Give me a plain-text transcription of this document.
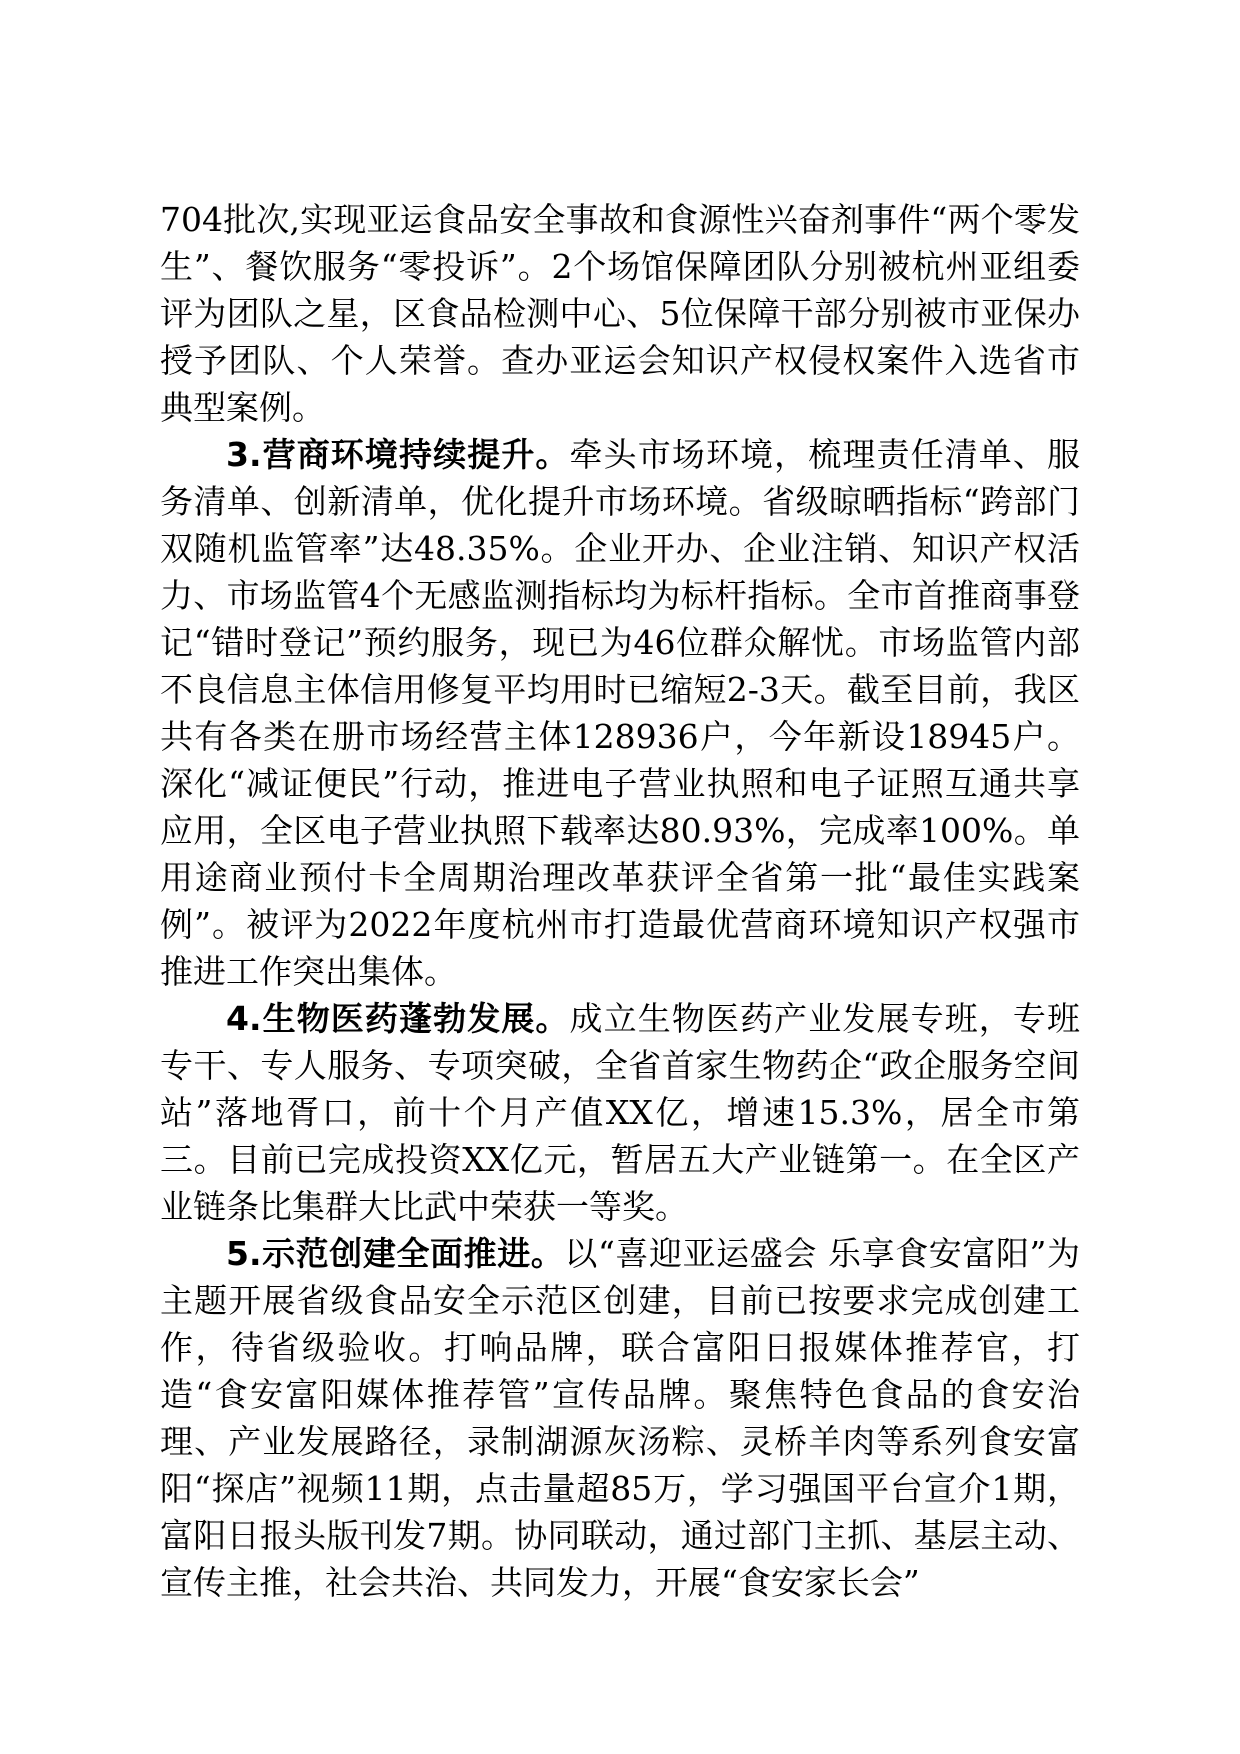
704批次,实现亚运食品安全事故和食源性兴奋剂事件“两个零发生”、餐饮服务“零投诉”。2个场馆保障团队分别被杭州亚组委评为团队之星，区食品检测中心、5位保障干部分别被市亚保办授予团队、个人荣誉。查办亚运会知识产权侵权案件入选省市典型案例。

3.营商环境持续提升。牵头市场环境，梳理责任清单、服务清单、创新清单，优化提升市场环境。省级晾晒指标“跨部门双随机监管率”达48.35%。企业开办、企业注销、知识产权活力、市场监管4个无感监测指标均为标杆指标。全市首推商事登记“错时登记”预约服务，现已为46位群众解忧。市场监管内部不良信息主体信用修复平均用时已缩短2-3天。截至目前，我区共有各类在册市场经营主体128936户，今年新设18945户。深化“减证便民”行动，推进电子营业执照和电子证照互通共享应用，全区电子营业执照下载率达80.93%，完成率100%。单用途商业预付卡全周期治理改革获评全省第一批“最佳实践案例”。被评为2022年度杭州市打造最优营商环境知识产权强市推进工作突出集体。

4.生物医药蓬勃发展。成立生物医药产业发展专班，专班专干、专人服务、专项突破，全省首家生物药企“政企服务空间站”落地胥口，前十个月产值XX亿，增速15.3%，居全市第三。目前已完成投资XX亿元，暂居五大产业链第一。在全区产业链条比集群大比武中荣获一等奖。

5.示范创建全面推进。以“喜迎亚运盛会 乐享食安富阳”为主题开展省级食品安全示范区创建，目前已按要求完成创建工作，待省级验收。打响品牌，联合富阳日报媒体推荐官，打造“食安富阳媒体推荐管”宣传品牌。聚焦特色食品的食安治理、产业发展路径，录制湖源灰汤粽、灵桥羊肉等系列食安富阳“探店”视频11期，点击量超85万，学习强国平台宣介1期，富阳日报头版刊发7期。协同联动，通过部门主抓、基层主动、宣传主推，社会共治、共同发力，开展“食安家长会”
